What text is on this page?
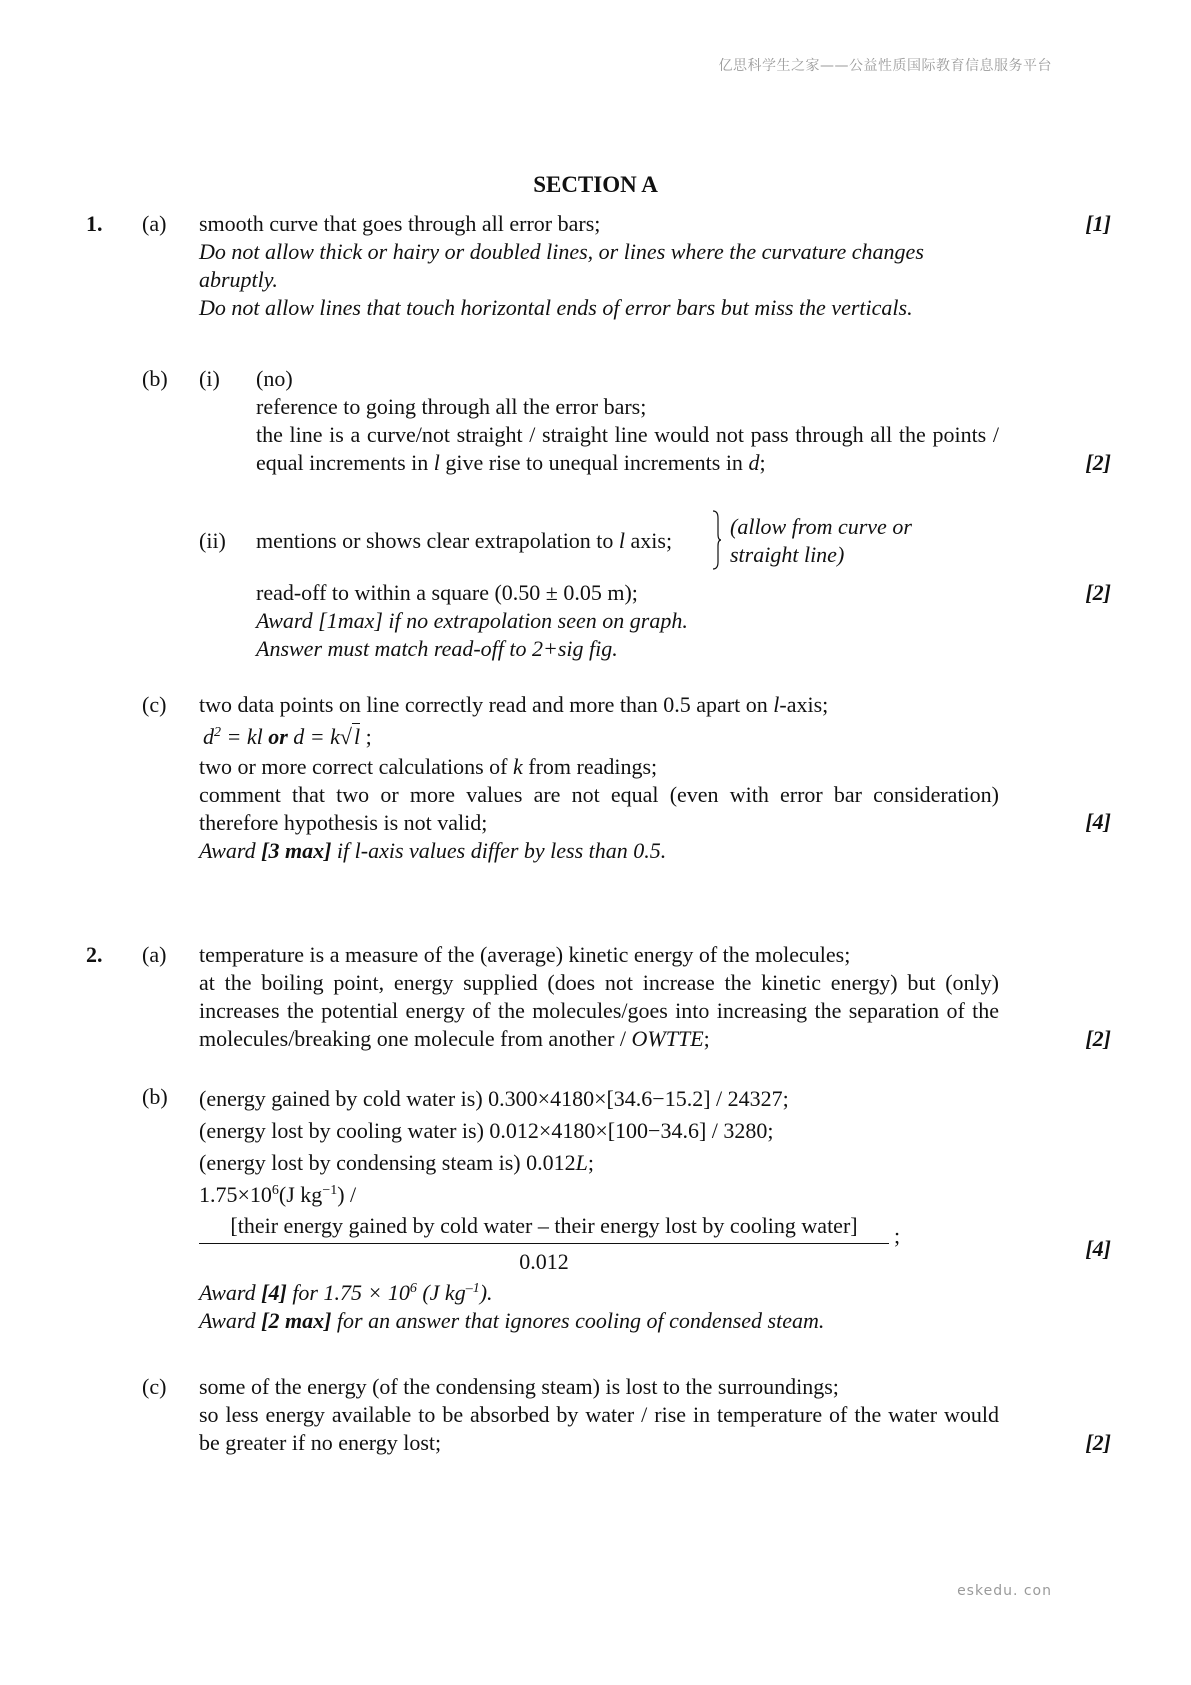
亿思科学生之家——公益性质国际教育信息服务平台
SECTION A
1. (a) smooth curve that goes through all error bars;
Do not allow thick or hairy or doubled lines, or lines where the curvature changes abruptly.
Do not allow lines that touch horizontal ends of error bars but miss the verticals.
[1]
(b) (i) (no)
reference to going through all the error bars;
the line is a curve/not straight / straight line would not pass through all the points / equal increments in l give rise to unequal increments in d;	[2]
(ii) mentions or shows clear extrapolation to l axis;
(allow from curve or
straight line)
read-off to within a square (0.50 ± 0.05 m);
Award [1max] if no extrapolation seen on graph.
Answer must match read-off to 2+sig fig.
[2]
(c) two data points on line correctly read and more than 0.5 apart on l-axis;
$d^2$ = kl or d = k√l ;
two or more correct calculations of k from readings;
comment that two or more values are not equal (even with error bar consideration) therefore hypothesis is not valid;
Award [3 max] if l-axis values differ by less than 0.5.
[4]
2. (a) temperature is a measure of the (average) kinetic energy of the molecules;
at the boiling point, energy supplied (does not increase the kinetic energy) but (only) increases the potential energy of the molecules/goes into increasing the separation of the molecules/breaking one molecule from another / OWTTE;	[2]
(b) (energy gained by cold water is) 0.300×4180×[34.6−15.2] / 24327;
(energy lost by cooling water is) 0.012×4180×[100−34.6] / 3280;
(energy lost by condensing steam is) 0.012L;
$1.75\times 10^6(J$ $kg^{-1}$) /
[their energy gained by cold water – their energy lost by cooling water]	;
0.012
[4]
Award [4] for $1.75 \times 10^6$ (J $kg^{-1}$).
Award [2 max] for an answer that ignores cooling of condensed steam.
(c) some of the energy (of the condensing steam) is lost to the surroundings;
so less energy available to be absorbed by water / rise in temperature of the water would be greater if no energy lost;	[2]
eskedu. con
